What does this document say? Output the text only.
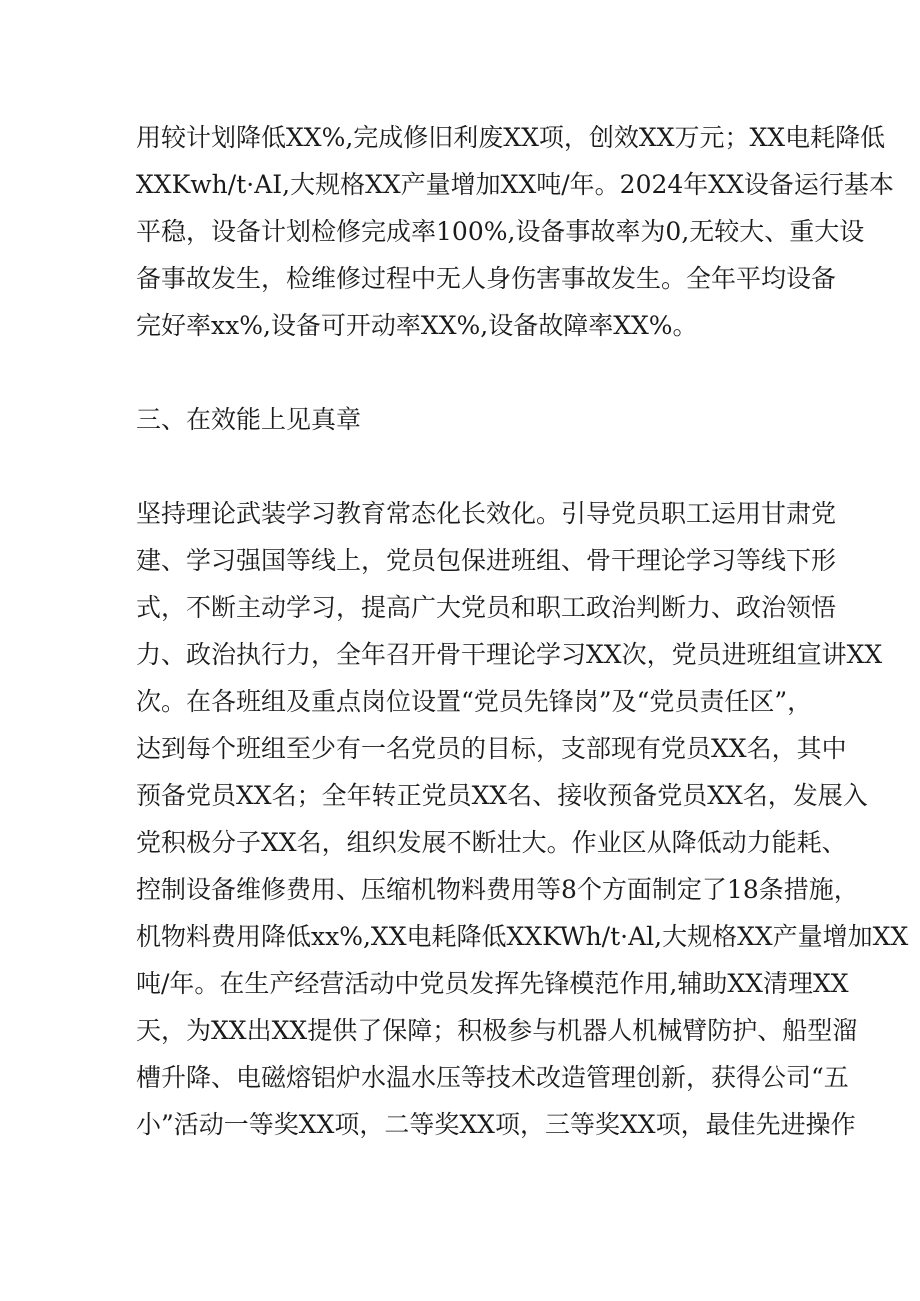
用较计划降低XX%,完成修旧利废XX项，创效XX万元；XX电耗降低
XXKwh/t·AI,大规格XX产量增加XX吨/年。2024年XX设备运行基本
平稳，设备计划检修完成率100%,设备事故率为0,无较大、重大设
备事故发生，检维修过程中无人身伤害事故发生。全年平均设备
完好率xx%,设备可开动率XX%,设备故障率XX%。
三、在效能上见真章
坚持理论武装学习教育常态化长效化。引导党员职工运用甘肃党
建、学习强国等线上，党员包保进班组、骨干理论学习等线下形
式，不断主动学习，提高广大党员和职工政治判断力、政治领悟
力、政治执行力，全年召开骨干理论学习XX次，党员进班组宣讲XX
次。在各班组及重点岗位设置“党员先锋岗”及“党员责任区”，
达到每个班组至少有一名党员的目标，支部现有党员XX名，其中
预备党员XX名；全年转正党员XX名、接收预备党员XX名，发展入
党积极分子XX名，组织发展不断壮大。作业区从降低动力能耗、
控制设备维修费用、压缩机物料费用等8个方面制定了18条措施，
机物料费用降低xx%,XX电耗降低XXKWh/t·Al,大规格XX产量增加XX
吨/年。在生产经营活动中党员发挥先锋模范作用,辅助XX清理XX
天，为XX出XX提供了保障；积极参与机器人机械臂防护、船型溜
槽升降、电磁熔铝炉水温水压等技术改造管理创新，获得公司“五
小”活动一等奖XX项，二等奖XX项，三等奖XX项，最佳先进操作
